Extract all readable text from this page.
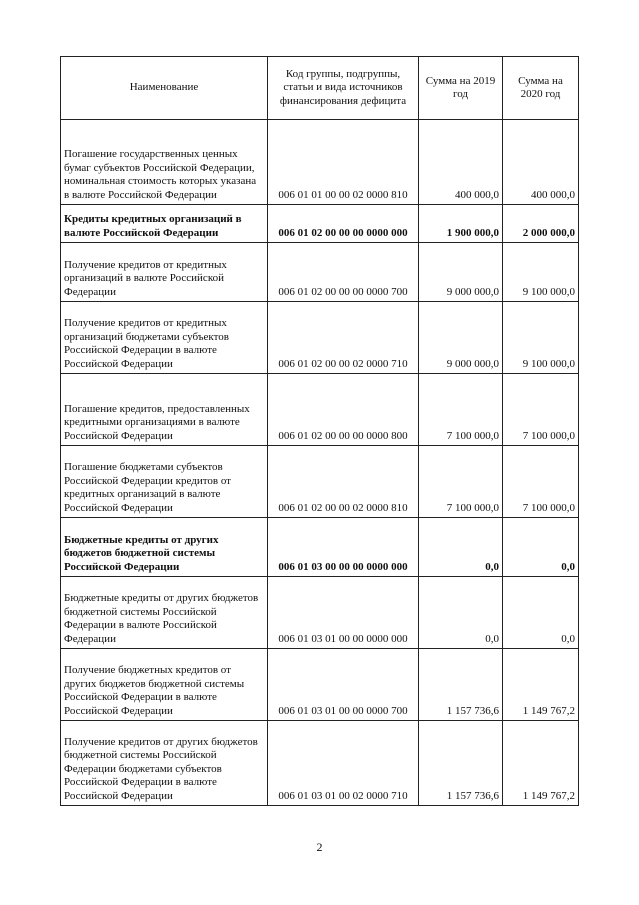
Наименование	Код группы, подгруппы, статьи и вида источников финансирования дефицита	Сумма на 2019 год	Сумма на 2020 год
Погашение государственных ценных бумаг субъектов Российской Федерации, номинальная стоимость которых указана в валюте Российской Федерации	006 01 01 00 00 02 0000 810	400 000,0	400 000,0
Кредиты кредитных организаций в валюте Российской Федерации	006 01 02 00 00 00 0000 000	1 900 000,0	2 000 000,0
Получение кредитов от кредитных организаций в валюте Российской Федерации	006 01 02 00 00 00 0000 700	9 000 000,0	9 100 000,0
Получение кредитов от кредитных организаций бюджетами субъектов Российской Федерации в валюте Российской Федерации	006 01 02 00 00 02 0000 710	9 000 000,0	9 100 000,0
Погашение кредитов, предоставленных кредитными организациями в валюте Российской Федерации	006 01 02 00 00 00 0000 800	7 100 000,0	7 100 000,0
Погашение бюджетами субъектов Российской Федерации кредитов от кредитных организаций в валюте Российской Федерации	006 01 02 00 00 02 0000 810	7 100 000,0	7 100 000,0
Бюджетные кредиты от других бюджетов бюджетной системы Российской Федерации	006 01 03 00 00 00 0000 000	0,0	0,0
Бюджетные кредиты от других бюджетов бюджетной системы Российской Федерации в валюте Российской Федерации	006 01 03 01 00 00 0000 000	0,0	0,0
Получение бюджетных кредитов от других бюджетов бюджетной системы Российской Федерации в валюте Российской Федерации	006 01 03 01 00 00 0000 700	1 157 736,6	1 149 767,2
Получение кредитов от других бюджетов бюджетной системы Российской Федерации бюджетами субъектов Российской Федерации в валюте Российской Федерации	006 01 03 01 00 02 0000 710	1 157 736,6	1 149 767,2
2
